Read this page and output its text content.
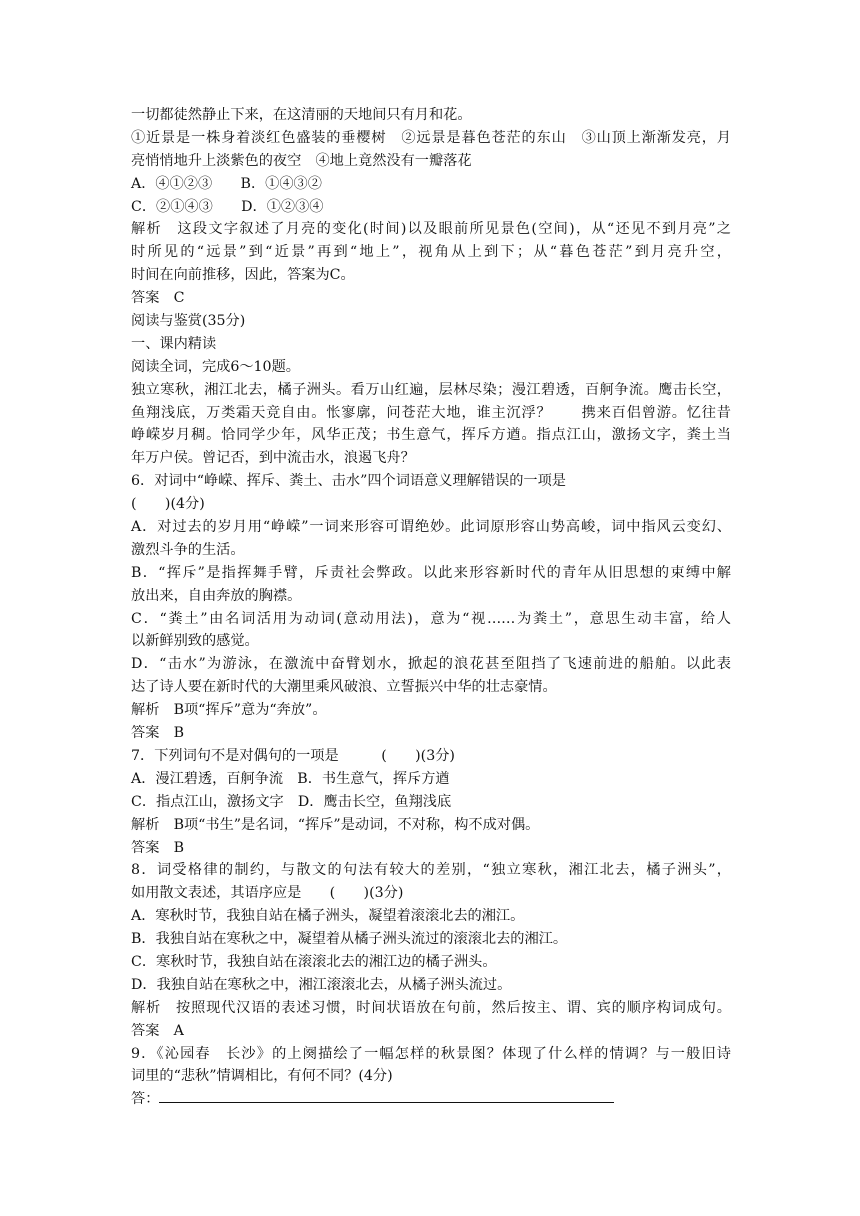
一切都徒然静止下来，在这清丽的天地间只有月和花。
①近景是一株身着淡红色盛装的垂樱树　②远景是暮色苍茫的东山　③山顶上渐渐发亮，月
亮悄悄地升上淡紫色的夜空　④地上竟然没有一瓣落花
A．④①②③　　B．①④③②
C．②①④③　　D．①②③④
解析　这段文字叙述了月亮的变化(时间)以及眼前所见景色(空间)，从“还见不到月亮”之
时所见的“远景”到“近景”再到“地上”，视角从上到下；从“暮色苍茫”到月亮升空，
时间在向前推移，因此，答案为C。
答案　C
阅读与鉴赏(35分)
一、课内精读
阅读全词，完成6～10题。
独立寒秋，湘江北去，橘子洲头。看万山红遍，层林尽染；漫江碧透，百舸争流。鹰击长空，
鱼翔浅底，万类霜天竞自由。怅寥廓，问苍茫大地，谁主沉浮？　　携来百侣曾游。忆往昔
峥嵘岁月稠。恰同学少年，风华正茂；书生意气，挥斥方遒。指点江山，激扬文字，粪土当
年万户侯。曾记否，到中流击水，浪遏飞舟？
6．对词中“峥嵘、挥斥、粪土、击水”四个词语意义理解错误的一项是
(　　)(4分)
A．对过去的岁月用“峥嵘”一词来形容可谓绝妙。此词原形容山势高峻，词中指风云变幻、
激烈斗争的生活。
B．“挥斥”是指挥舞手臂，斥责社会弊政。以此来形容新时代的青年从旧思想的束缚中解
放出来，自由奔放的胸襟。
C．“粪土”由名词活用为动词(意动用法)，意为“视……为粪土”，意思生动丰富，给人
以新鲜别致的感觉。
D．“击水”为游泳，在激流中奋臂划水，掀起的浪花甚至阻挡了飞速前进的船舶。以此表
达了诗人要在新时代的大潮里乘风破浪、立誓振兴中华的壮志豪情。
解析　B项“挥斥”意为“奔放”。
答案　B
7．下列词句不是对偶句的一项是　　　(　　)(3分)
A．漫江碧透，百舸争流　B．书生意气，挥斥方遒
C．指点江山，激扬文字　D．鹰击长空，鱼翔浅底
解析　B项“书生”是名词，“挥斥”是动词，不对称，构不成对偶。
答案　B
8．词受格律的制约，与散文的句法有较大的差别，“独立寒秋，湘江北去，橘子洲头”，
如用散文表述，其语序应是　　(　　)(3分)
A．寒秋时节，我独自站在橘子洲头，凝望着滚滚北去的湘江。
B．我独自站在寒秋之中，凝望着从橘子洲头流过的滚滚北去的湘江。
C．寒秋时节，我独自站在滚滚北去的湘江边的橘子洲头。
D．我独自站在寒秋之中，湘江滚滚北去，从橘子洲头流过。
解析　按照现代汉语的表述习惯，时间状语放在句前，然后按主、谓、宾的顺序构词成句。
答案　A
9．《沁园春　长沙》的上阕描绘了一幅怎样的秋景图？体现了什么样的情调？与一般旧诗
词里的“悲秋”情调相比，有何不同？(4分)
答：
